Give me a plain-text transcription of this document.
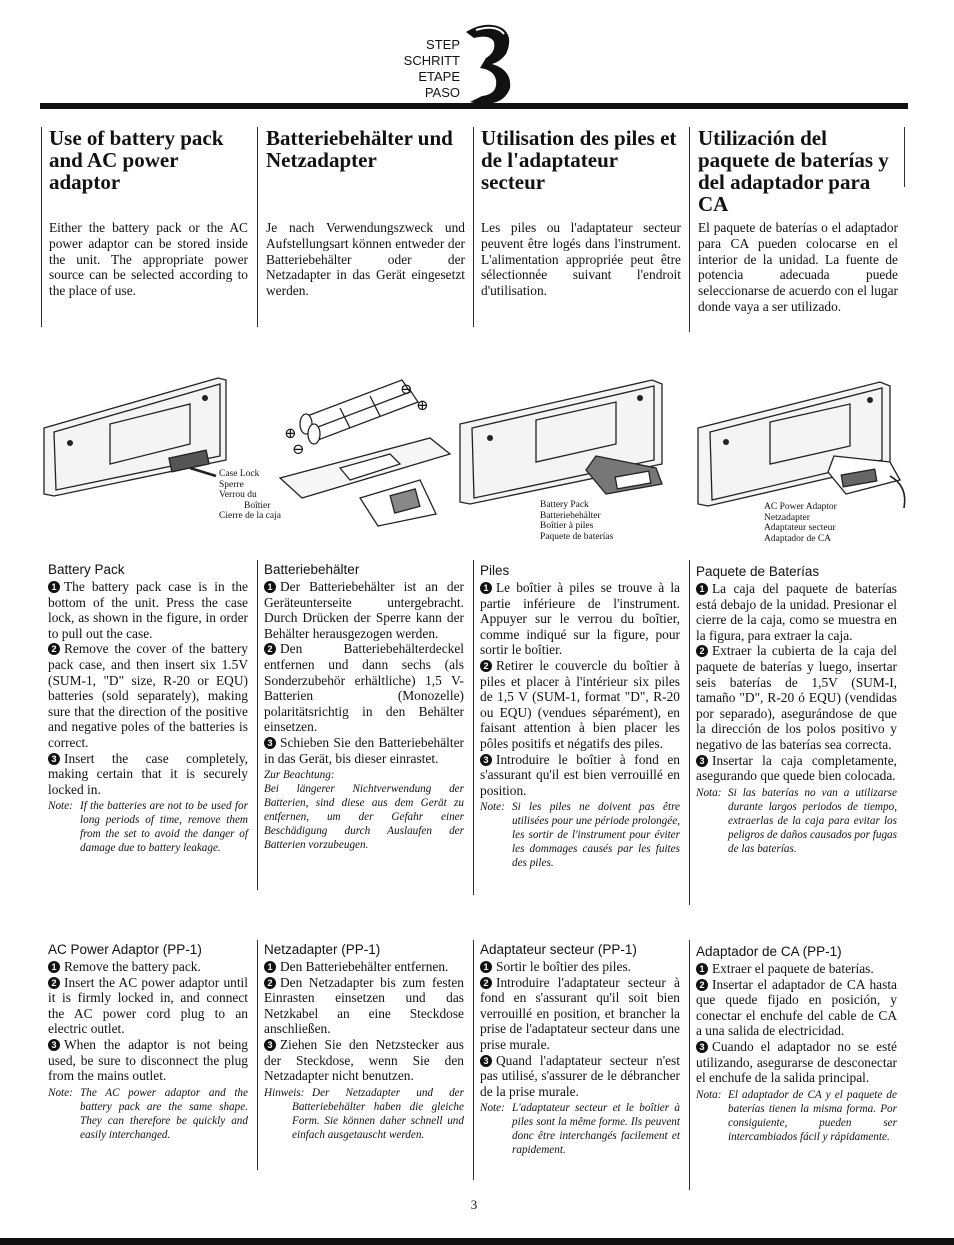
STEP
SCHRITT
ETAPE
PASO
Use of battery pack and AC power adaptor

Either the battery pack or the AC power adaptor can be stored inside the unit. The appropriate power source can be selected according to the place of use.

Batteriebehälter und Netzadapter

Je nach Verwendungszweck und Aufstellungsart können entweder der Batteriebehälter oder der Netzadapter in das Gerät eingesetzt werden.

Utilisation des piles et de l'adaptateur secteur

Les piles ou l'adaptateur secteur peuvent être logés dans l'instrument. L'alimentation appropriée peut être sélectionnée suivant l'endroit d'utilisation.

Utilización del paquete de baterías y del adaptador para CA

El paquete de baterías o el adaptador para CA pueden colocarse en el interior de la unidad. La fuente de potencia adecuada puede seleccionarse de acuerdo con el lugar donde vaya a ser utilizado.

⊖
⊕
⊕
⊖
Case Lock
Sperre
Verrou du
Boîtier
Cierre de la caja
Battery Pack
Batteriebehälter
Boîtier à piles
Paquete de baterías
AC Power Adaptor
Netzadapter
Adaptateur secteur
Adaptador de CA
Battery Pack

1 The battery pack case is in the bottom of the unit. Press the case lock, as shown in the figure, in order to pull out the case.

2 Remove the cover of the battery pack case, and then insert six 1.5V (SUM-1, "D" size, R-20 or EQU) batteries (sold separately), making sure that the direction of the positive and negative poles of the batteries is correct.

3 Insert the case completely, making certain that it is securely locked in.

Note: If the batteries are not to be used for long periods of time, remove them from the set to avoid the danger of damage due to battery leakage.
Batteriebehälter

1 Der Batteriebehälter ist an der Geräteunterseite untergebracht. Durch Drücken der Sperre kann der Behälter herausgezogen werden.

2 Den Batteriebehälterdeckel entfernen und dann sechs (als Sonderzubehör erhältliche) 1,5 V-Batterien (Monozelle) polaritätsrichtig in den Behälter einsetzen.

3 Schieben Sie den Batteriebehälter in das Gerät, bis dieser einrastet.

Zur Beachtung:
Bei längerer Nichtverwendung der Batterien, sind diese aus dem Gerät zu entfernen, um der Gefahr einer Beschädigung durch Auslaufen der Batterien vorzubeugen.
Piles

1 Le boîtier à piles se trouve à la partie inférieure de l'instrument. Appuyer sur le verrou du boîtier, comme indiqué sur la figure, pour sortir le boîtier.

2 Retirer le couvercle du boîtier à piles et placer à l'intérieur six piles de 1,5 V (SUM-1, format "D", R-20 ou EQU) (vendues séparément), en faisant attention à bien placer les pôles positifs et négatifs des piles.

3 Introduire le boîtier à fond en s'assurant qu'il est bien verrouillé en position.

Note: Si les piles ne doivent pas être utilisées pour une période prolongée, les sortir de l'instrument pour éviter les dommages causés par les fuites des piles.
Paquete de Baterías

1 La caja del paquete de baterías está debajo de la unidad. Presionar el cierre de la caja, como se muestra en la figura, para extraer la caja.

2 Extraer la cubierta de la caja del paquete de baterías y luego, insertar seis baterías de 1,5V (SUM-I, tamaño "D", R-20 ó EQU) (vendidas por separado), asegurándose de que la dirección de los polos positivo y negativo de las baterías sea correcta.

3 Insertar la caja completamente, asegurando que quede bien colocada.

Nota: Si las baterías no van a utilizarse durante largos periodos de tiempo, extraerlas de la caja para evitar los peligros de daños causados por fugas de las baterías.
AC Power Adaptor (PP-1)

1 Remove the battery pack.

2 Insert the AC power adaptor until it is firmly locked in, and connect the AC power cord plug to an electric outlet.

3 When the adaptor is not being used, be sure to disconnect the plug from the mains outlet.

Note: The AC power adaptor and the battery pack are the same shape. They can therefore be quickly and easily interchanged.
Netzadapter (PP-1)

1 Den Batteriebehälter entfernen.

2 Den Netzadapter bis zum festen Einrasten einsetzen und das Netzkabel an eine Steckdose anschließen.

3 Ziehen Sie den Netzstecker aus der Steckdose, wenn Sie den Netzadapter nicht benutzen.

Hinweis: Der Netzadapter und der Batteriebehälter haben die gleiche Form. Sie können daher schnell und einfach ausgetauscht werden.
Adaptateur secteur (PP-1)

1 Sortir le boîtier des piles.

2 Introduire l'adaptateur secteur à fond en s'assurant qu'il soit bien verrouillé en position, et brancher la prise de l'adaptateur secteur dans une prise murale.

3 Quand l'adaptateur secteur n'est pas utilisé, s'assurer de le débrancher de la prise murale.

Note: L'adaptateur secteur et le boîtier à piles sont la même forme. Ils peuvent donc être interchangés facilement et rapidement.
Adaptador de CA (PP-1)

1 Extraer el paquete de baterías.

2 Insertar el adaptador de CA hasta que quede fijado en posición, y conectar el enchufe del cable de CA a una salida de electricidad.

3 Cuando el adaptador no se esté utilizando, asegurarse de desconectar el enchufe de la salida principal.

Nota: El adaptador de CA y el paquete de baterías tienen la misma forma. Por consiguiente, pueden ser intercambiados fácil y rápidamente.
3
